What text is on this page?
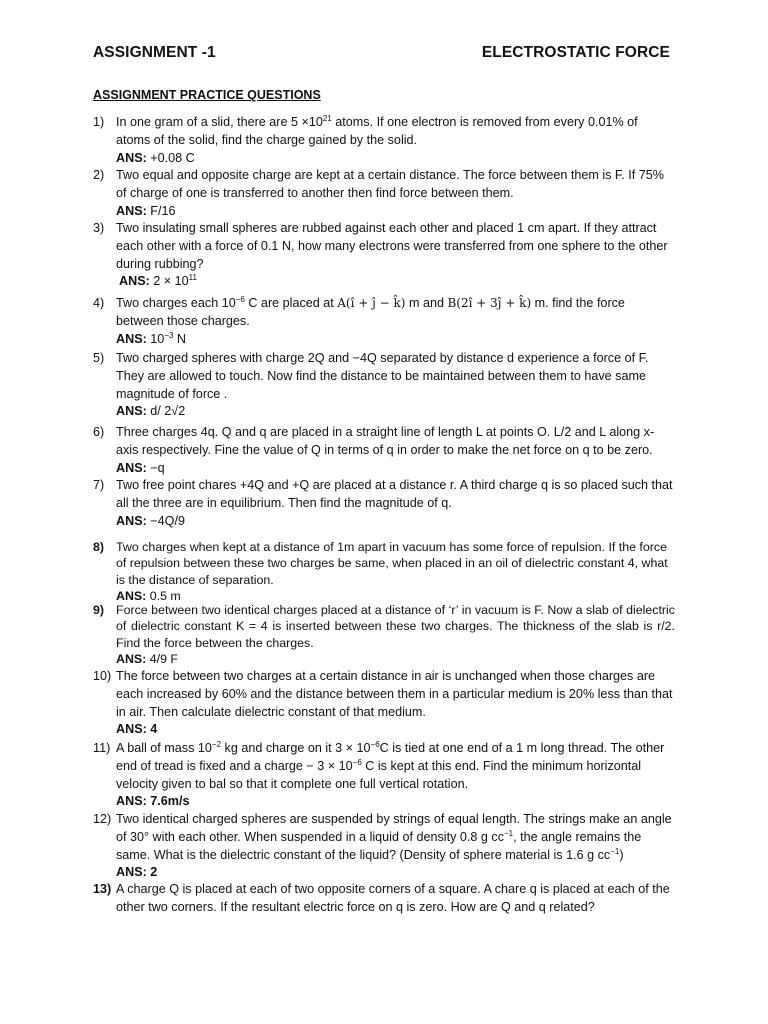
ASSIGNMENT -1	ELECTROSTATIC FORCE
ASSIGNMENT PRACTICE QUESTIONS
1) In one gram of a slid, there are $5 \times 10^{21}$ atoms. If one electron is removed from every 0.01% of atoms of the solid, find the charge gained by the solid.
ANS: +0.08 C
2) Two equal and opposite charge are kept at a certain distance. The force between them is F. If 75% of charge of one is transferred to another then find force between them.
ANS: F/16
3) Two insulating small spheres are rubbed against each other and placed 1 cm apart. If they attract each other with a force of 0.1 N, how many electrons were transferred from one sphere to the other during rubbing?
ANS: $2 \times 10^{11}$
4) Two charges each $10^{-6}$ C are placed at A(î + ĵ − k̂) m and B(2î + 3ĵ + k̂) m. find the force between those charges.
ANS: $10^{-3}$ N
5) Two charged spheres with charge 2Q and −4Q separated by distance d experience a force of F. They are allowed to touch. Now find the distance to be maintained between them to have same magnitude of force .
ANS: d/ 2√2
6) Three charges 4q. Q and q are placed in a straight line of length L at points O. L/2 and L along x-axis respectively. Fine the value of Q in terms of q in order to make the net force on q to be zero.
ANS: −q
7) Two free point chares +4Q and +Q are placed at a distance r. A third charge q is so placed such that all the three are in equilibrium. Then find the magnitude of q.
ANS: −4Q/9
8) Two charges when kept at a distance of 1m apart in vacuum has some force of repulsion. If the force of repulsion between these two charges be same, when placed in an oil of dielectric constant 4, what is the distance of separation.
ANS: 0.5 m
9) Force between two identical charges placed at a distance of ‘r’ in vacuum is F. Now a slab of dielectric of dielectric constant K = 4 is inserted between these two charges. The thickness of the slab is r/2. Find the force between the charges.
ANS: 4/9 F
10) The force between two charges at a certain distance in air is unchanged when those charges are each increased by 60% and the distance between them in a particular medium is 20% less than that in air. Then calculate dielectric constant of that medium.
ANS: 4
11) A ball of mass $10^{-2}$ kg and charge on it $3 \times 10^{-6}C$ is tied at one end of a 1 m long thread. The other end of tread is fixed and a charge − $3 \times 10^{-6}$ C is kept at this end. Find the minimum horizontal velocity given to bal so that it complete one full vertical rotation.
ANS: 7.6m/s
12) Two identical charged spheres are suspended by strings of equal length. The strings make an angle of 30° with each other. When suspended in a liquid of density 0.8 g $cc^{-1}$, the angle remains the same. What is the dielectric constant of the liquid? (Density of sphere material is 1.6 g $cc^{-1}$)
ANS: 2
13) A charge Q is placed at each of two opposite corners of a square. A chare q is placed at each of the other two corners. If the resultant electric force on q is zero. How are Q and q related?
